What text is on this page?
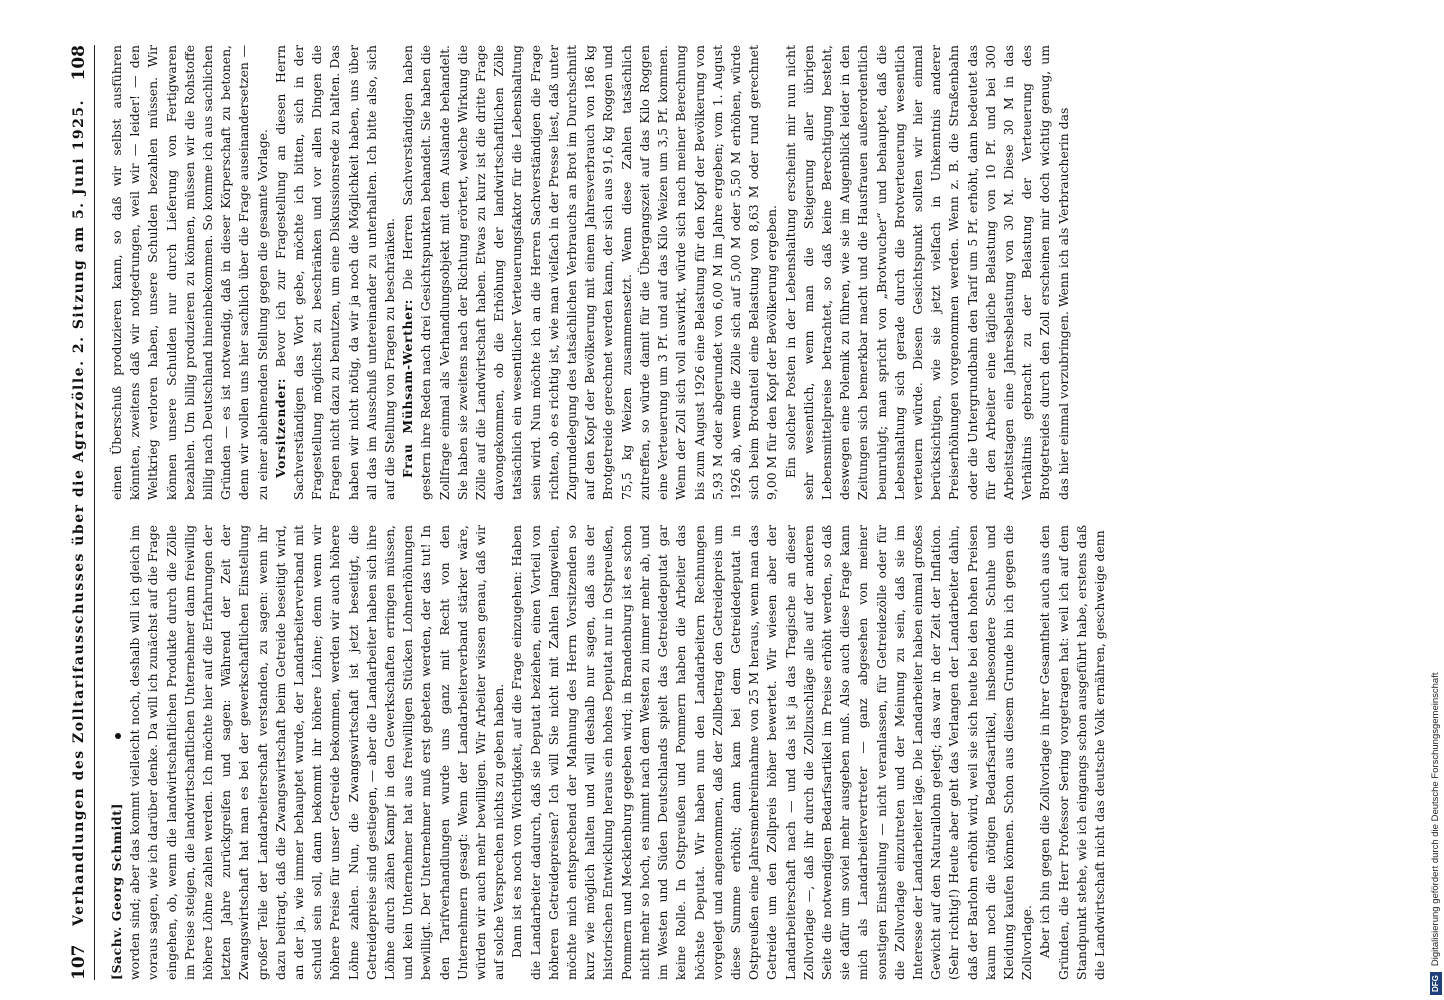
107
Verhandlungen des Zolltarifausschusses über die Agrarzölle. 2. Sitzung am 5. Juni 1925.
108

[Sachv. Georg Schmidt] worden sind; aber das kommt vielleicht noch, deshalb will ich gleich im voraus sagen, wie ich darüber denke. Da will ich zunächst auf die Frage eingehen, ob, wenn die landwirtschaftlichen Produkte durch die Zölle im Preise steigen, die landwirtschaftlichen Unternehmer dann freiwillig höhere Löhne zahlen werden. Ich möchte hier auf die Erfahrungen der letzten Jahre zurückgreifen und sagen: Während der Zeit der Zwangswirtschaft hat man es bei der gewerkschaftlichen Einstellung großer Teile der Landarbeiterschaft verstanden, zu sagen: wenn ihr dazu beitragt, daß die Zwangswirtschaft beim Getreide beseitigt wird, an der ja, wie immer behauptet wurde, der Landarbeiterverband mit schuld sein soll, dann bekommt ihr höhere Löhne; denn wenn wir höhere Preise für unser Getreide bekommen, werden wir auch höhere Löhne zahlen. Nun, die Zwangswirtschaft ist jetzt beseitigt, die Getreidepreise sind gestiegen, — aber die Landarbeiter haben sich ihre Löhne durch zähen Kampf in den Gewerkschaften erringen müssen, und kein Unternehmer hat aus freiwilligen Stücken Lohnerhöhungen bewilligt. Der Unternehmer muß erst gebeten werden, der das tut! In den Tarifverhandlungen wurde uns ganz mit Recht von den Unternehmern gesagt: Wenn der Landarbeiterverband stärker wäre, würden wir auch mehr bewilligen. Wir Arbeiter wissen genau, daß wir auf solche Versprechen nichts zu geben haben. Dann ist es noch von Wichtigkeit, auf die Frage einzugehen: Haben die Landarbeiter dadurch, daß sie Deputat beziehen, einen Vorteil von höheren Getreidepreisen? Ich will Sie nicht mit Zahlen langweilen, möchte mich entsprechend der Mahnung des Herrn Vorsitzenden so kurz wie möglich halten und will deshalb nur sagen, daß aus der historischen Entwicklung heraus ein hohes Deputat nur in Ostpreußen, Pommern und Mecklenburg gegeben wird; in Brandenburg ist es schon nicht mehr so hoch, es nimmt nach dem Westen zu immer mehr ab, und im Westen und Süden Deutschlands spielt das Getreidedeputat gar keine Rolle. In Ostpreußen und Pommern haben die Arbeiter das höchste Deputat. Wir haben nun den Landarbeitern Rechnungen vorgelegt und angenommen, daß der Zollbetrag den Getreidepreis um diese Summe erhöht; dann kam bei dem Getreidedeputat in Ostpreußen eine Jahresmehreinnahme von 25 M heraus, wenn man das Getreide um den Zollpreis höher bewertet. Wir wiesen aber der Landarbeiterschaft nach — und das ist ja das Tragische an dieser Zollvorlage —, daß ihr durch die Zollzuschläge alle auf der anderen Seite die notwendigen Bedarfsartikel im Preise erhöht werden, so daß sie dafür um soviel mehr ausgeben muß. Also auch diese Frage kann mich als Landarbeitervertreter — ganz abgesehen von meiner sonstigen Einstellung — nicht veranlassen, für Getreidezölle oder für die Zollvorlage einzutreten und der Meinung zu sein, daß sie im Interesse der Landarbeiter läge. Die Landarbeiter haben einmal großes Gewicht auf den Naturallohn gelegt; das war in der Zeit der Inflation. (Sehr richtig!) Heute aber geht das Verlangen der Landarbeiter dahin, daß der Barlohn erhöht wird, weil sie sich heute bei den hohen Preisen kaum noch die nötigen Bedarfsartikel, insbesondere Schuhe und Kleidung kaufen können. Schon aus diesem Grunde bin ich gegen die Zollvorlage. Aber ich bin gegen die Zollvorlage in ihrer Gesamtheit auch aus den Gründen, die Herr Professor Sering vorgetragen hat: weil ich auf dem Standpunkt stehe, wie ich eingangs schon ausgeführt habe, erstens daß die Landwirtschaft nicht das deutsche Volk ernähren, geschweige denn

einen Überschuß produzieren kann, so daß wir selbst ausführen könnten, zweitens daß wir notgedrungen, weil wir — leider! — den Weltkrieg verloren haben, unsere Schulden bezahlen müssen. Wir können unsere Schulden nur durch Lieferung von Fertigwaren bezahlen. Um billig produzieren zu können, müssen wir die Rohstoffe billig nach Deutschland hineinbekommen. So komme ich aus sachlichen Gründen — es ist notwendig, daß in dieser Körperschaft zu betonen, denn wir wollen uns hier sachlich über die Frage auseinandersetzen — zu einer ablehnenden Stellung gegen die gesamte Vorlage. Vorsitzender: Bevor ich zur Fragestellung an diesen Herrn Sachverständigen das Wort gebe, möchte ich bitten, sich in der Fragestellung möglichst zu beschränken und vor allen Dingen die Fragen nicht dazu zu benutzen, um eine Diskussionsrede zu halten. Das haben wir nicht nötig, da wir ja noch die Möglichkeit haben, uns über all das im Ausschuß untereinander zu unterhalten. Ich bitte also, sich auf die Stellung von Fragen zu beschränken. Frau Mühsam-Werther: Die Herren Sachverständigen haben gestern ihre Reden nach drei Gesichtspunkten behandelt. Sie haben die Zollfrage einmal als Verhandlungsobjekt mit dem Auslande behandelt. Sie haben sie zweitens nach der Richtung erörtert, welche Wirkung die Zölle auf die Landwirtschaft haben. Etwas zu kurz ist die dritte Frage davongekommen, ob die Erhöhung der landwirtschaftlichen Zölle tatsächlich ein wesentlicher Verteuerungsfaktor für die Lebenshaltung sein wird. Nun möchte ich an die Herren Sachverständigen die Frage richten, ob es richtig ist, wie man vielfach in der Presse liest, daß unter Zugrundelegung des tatsächlichen Verbrauchs an Brot im Durchschnitt auf den Kopf der Bevölkerung mit einem Jahresverbrauch von 186 kg Brotgetreide gerechnet werden kann, der sich aus 91,6 kg Roggen und 75,5 kg Weizen zusammensetzt. Wenn diese Zahlen tatsächlich zutreffen, so würde damit für die Übergangszeit auf das Kilo Roggen eine Verteuerung um 3 Pf. und auf das Kilo Weizen um 3,5 Pf. kommen. Wenn der Zoll sich voll auswirkt, würde sich nach meiner Berechnung bis zum August 1926 eine Belastung für den Kopf der Bevölkerung von 5,93 M oder abgerundet von 6,00 M im Jahre ergeben; vom 1. August 1926 ab, wenn die Zölle sich auf 5,00 M oder 5,50 M erhöhen, würde sich beim Brotanteil eine Belastung von 8,63 M oder rund gerechnet 9,00 M für den Kopf der Bevölkerung ergeben. Ein solcher Posten in der Lebenshaltung erscheint mir nun nicht sehr wesentlich, wenn man die Steigerung aller übrigen Lebensmittelpreise betrachtet, so daß keine Berechtigung besteht, deswegen eine Polemik zu führen, wie sie im Augenblick leider in den Zeitungen sich bemerkbar macht und die Hausfrauen außerordentlich beunruhigt; man spricht von „Brotwucher“ und behauptet, daß die Lebenshaltung sich gerade durch die Brotverteuerung wesentlich verteuern würde. Diesen Gesichtspunkt sollten wir hier einmal berücksichtigen, wie sie jetzt vielfach in Unkenntnis anderer Preiserhöhungen vorgenommen werden. Wenn z. B. die Straßenbahn oder die Untergrundbahn den Tarif um 5 Pf. erhöht, dann bedeutet das für den Arbeiter eine tägliche Belastung von 10 Pf. und bei 300 Arbeitstagen eine Jahresbelastung von 30 M. Diese 30 M in das Verhältnis gebracht zu der Belastung der Verteuerung des Brotgetreides durch den Zoll erscheinen mir doch wichtig genug, um das hier einmal vorzubringen. Wenn ich als Verbraucherin das

DFG
Digitalisierung gefördert durch die Deutsche Forschungsgemeinschaft
